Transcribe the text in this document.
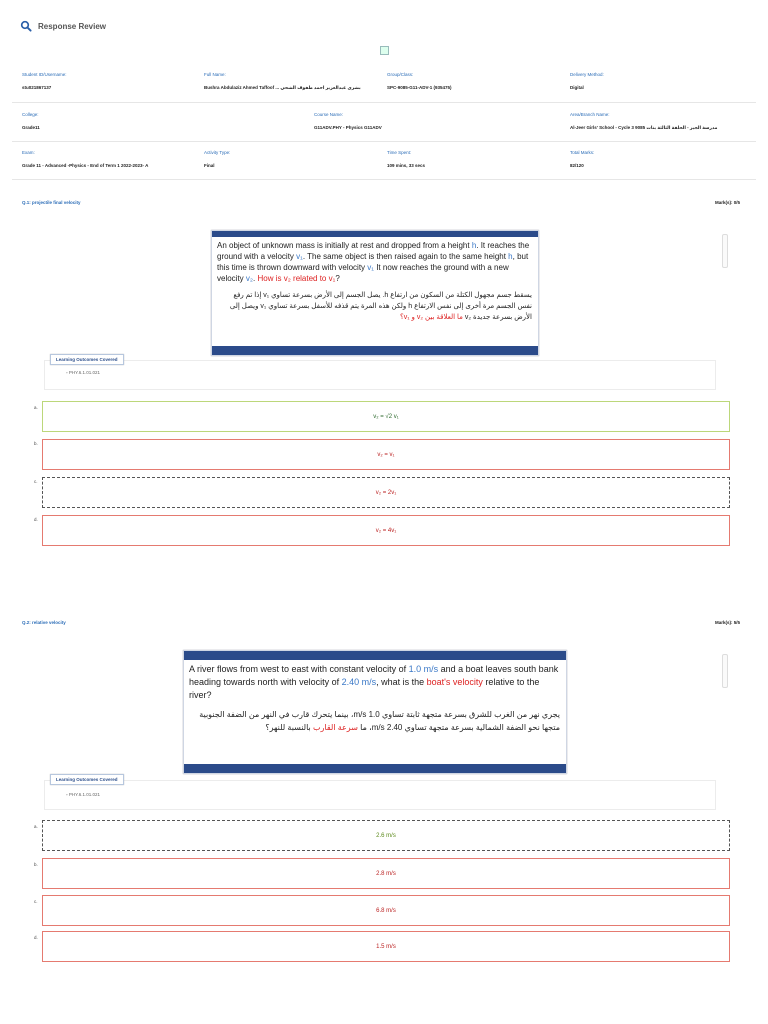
Response Review
Student ID/Username:
stu021867137
Full Name:
Bushra Abdulaziz Ahmed Taffoof ... بشرى عبدالعزيز احمد طفوف الشحي
Group/Class:
SPC-9085-G11-ADV-1 (935475)
Delivery Method:
Digital
College:
Grade11
Course Name:
G11ADV.PHY - Physics G11ADV
Area/Branch Name:
Al-Jeer Girls' School - Cycle 3 9085 مدرسة الجير - الحلقة الثالثة بنات
Exam:
Grade 11 - Advanced -Physics - End of Term 1 2022-2023- A
Activity Type:
Final
Time Spent:
109 mins, 33 secs
Total Marks:
82/120
Q.1: projectile final velocity	Mark(s): 0/5
An object of unknown mass is initially at rest and dropped from a height h. It reaches the ground with a velocity v₁. The same object is then raised again to the same height h, but this time is thrown downward with velocity v₁ It now reaches the ground with a new velocity v₂. How is v₂ related to v₁?
يسقط جسم مجهول الكتلة من السكون من ارتفاع h. يصل الجسم إلى الأرض بسرعة تساوي v₁ إذا تم رفع نفس الجسم مرة أخرى إلى نفس الارتفاع h ولكن هذه المرة يتم قذفه للأسفل بسرعة تساوي v₁ ويصل إلى الأرض بسرعة جديدة v₂ ما العلاقة بين v₂ و v₁؟
Learning Outcomes Covered
▫ PHY.6.1.01.021
a.
v₂ = √2 v₁
b.
v₂ = v₁
c.
v₂ = 2v₁
d.
v₂ = 4v₁
Q.2: relative velocity	Mark(s): 5/5
A river flows from west to east with constant velocity of 1.0 m/s and a boat leaves south bank heading towards north with velocity of 2.40 m/s, what is the boat's velocity relative to the river?
يجري نهر من الغرب للشرق بسرعة متجهة ثابتة تساوي 1.0 m/s، بينما يتحرك قارب في النهر من الضفة الجنوبية متجها نحو الضفة الشمالية بسرعة متجهة تساوي 2.40 m/s، ما سرعة القارب بالنسبة للنهر؟
Learning Outcomes Covered
▫ PHY.6.1.01.021
a.
2.6 m/s
b.
2.8 m/s
c.
6.8 m/s
d.
1.5 m/s
